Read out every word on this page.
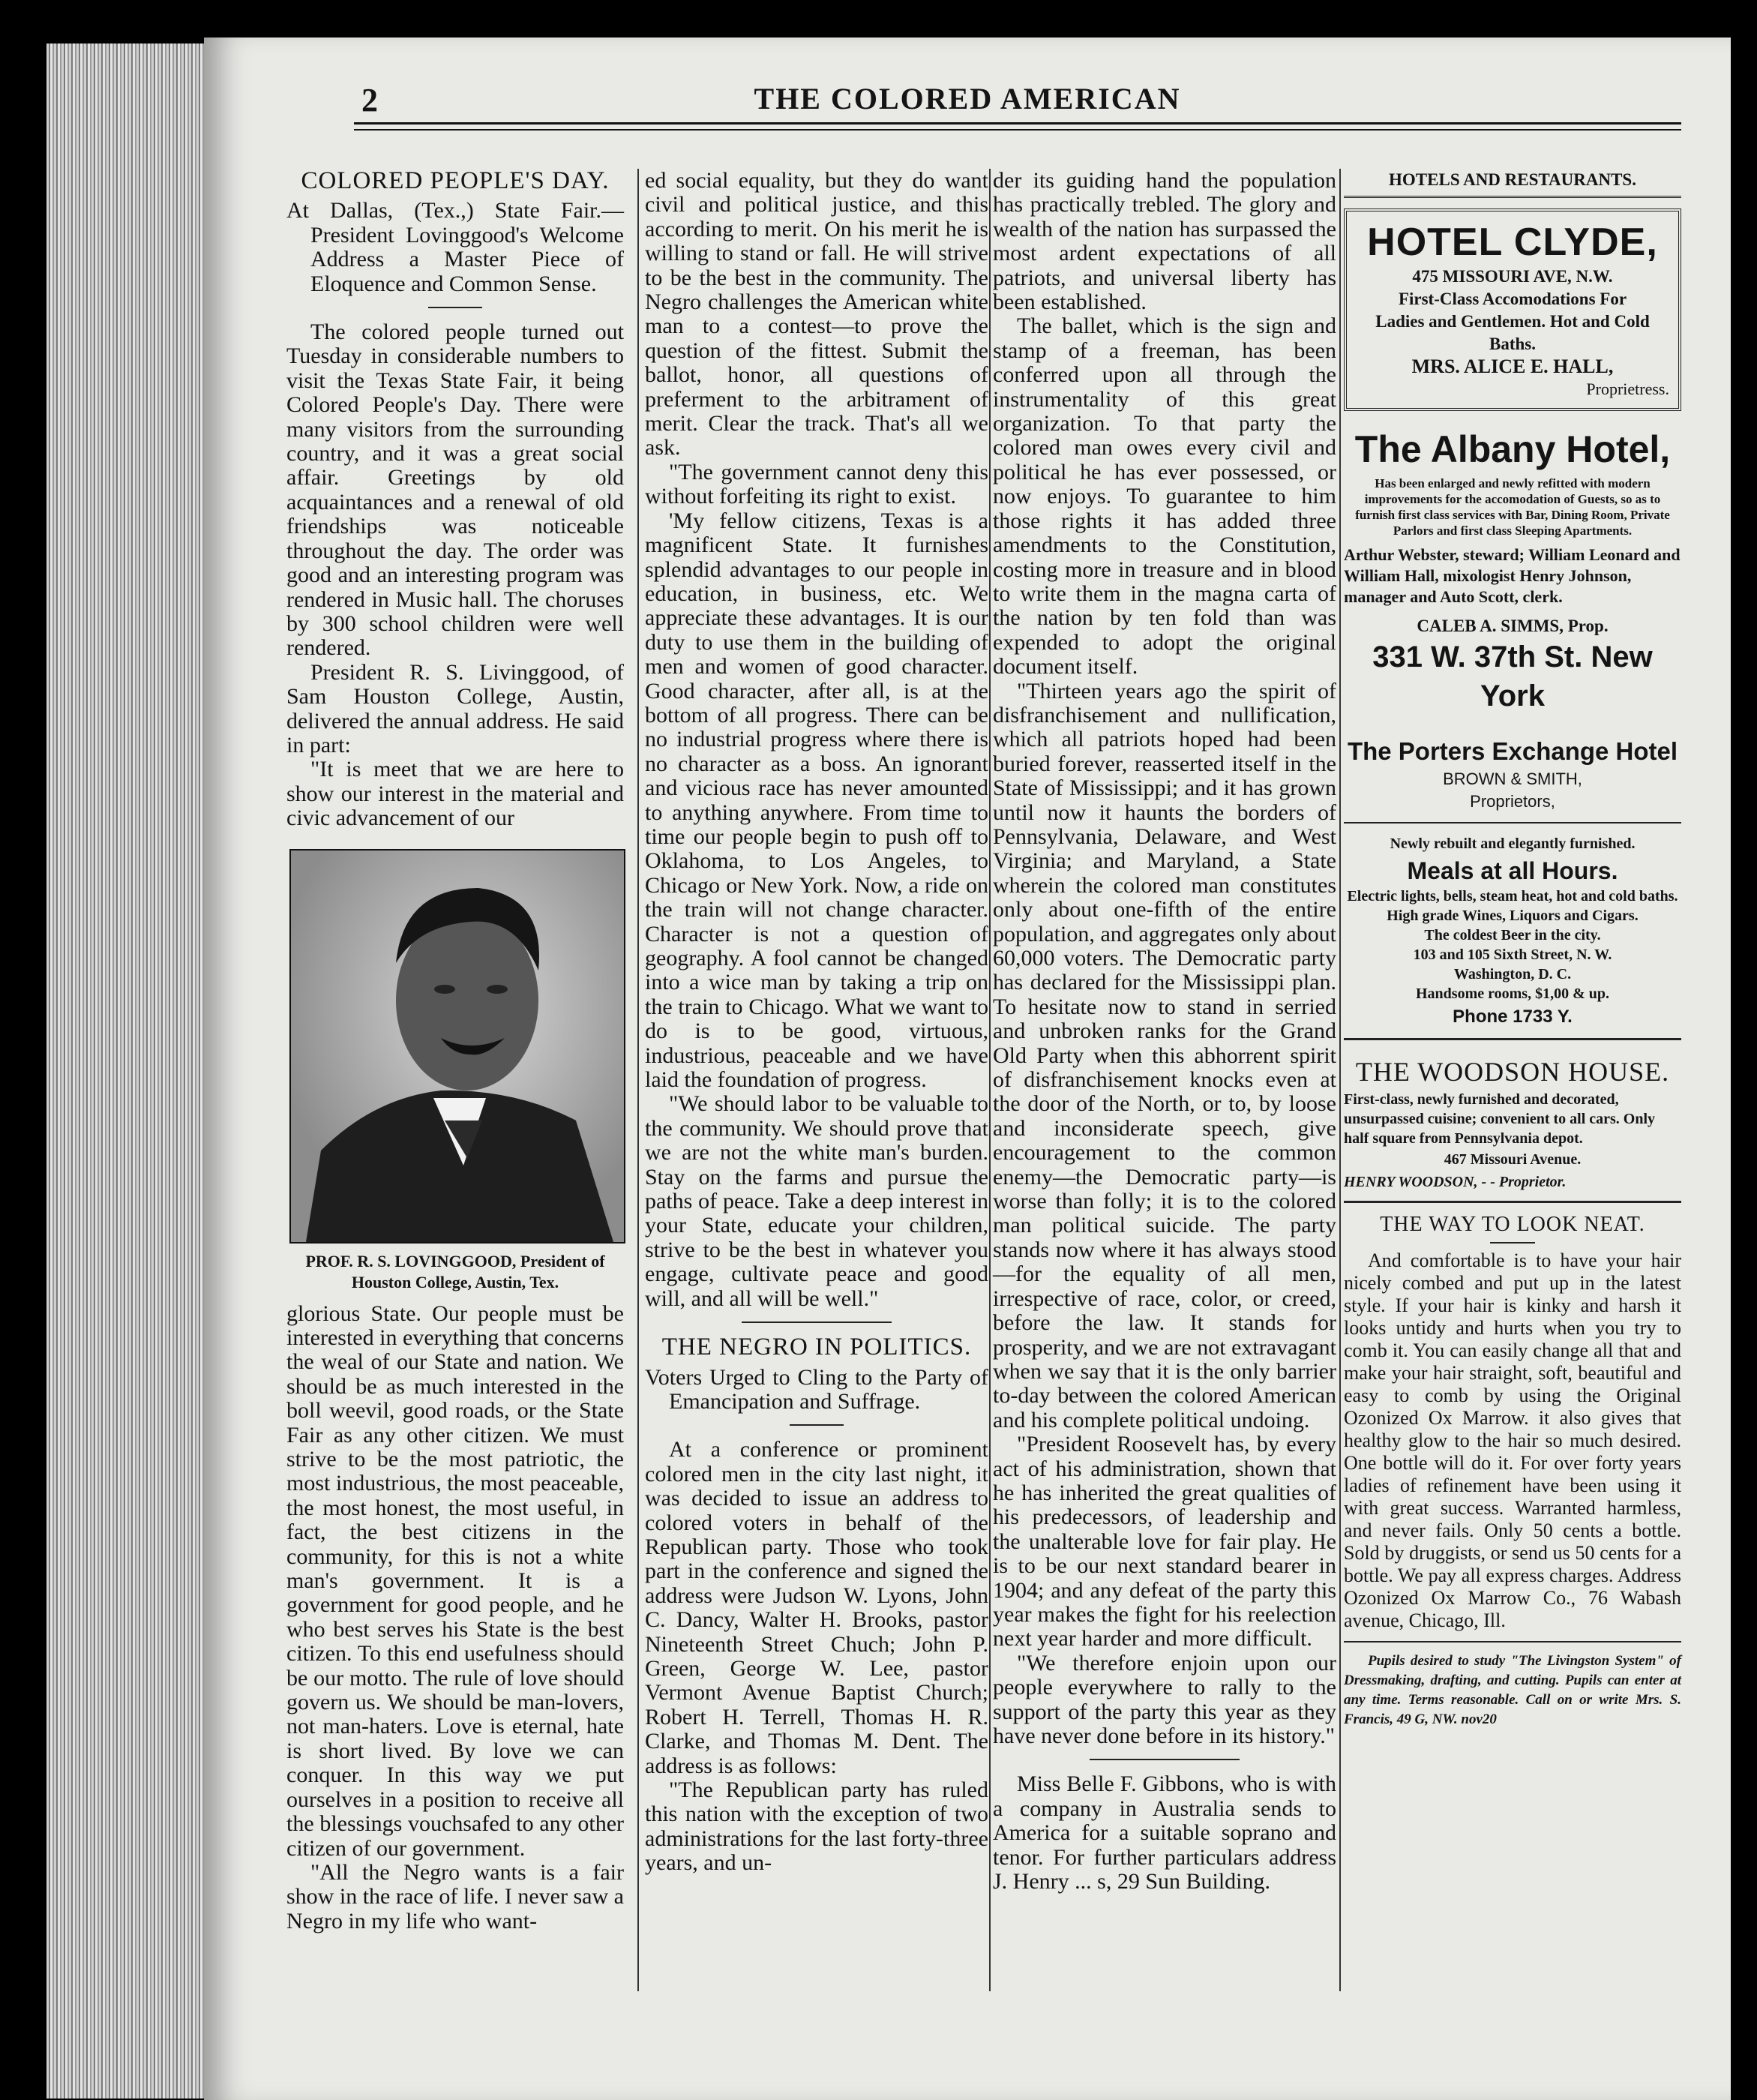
2	THE COLORED AMERICAN
COLORED PEOPLE'S DAY.
At Dallas, (Tex.,) State Fair.—President Lovinggood's Welcome Address a Master Piece of Eloquence and Common Sense.

The colored people turned out Tuesday in considerable numbers to visit the Texas State Fair, it being Colored People's Day. There were many visitors from the surrounding country, and it was a great social affair. Greetings by old acquaintances and a renewal of old friendships was noticeable throughout the day. The order was good and an interesting program was rendered in Music hall. The choruses by 300 school children were well rendered.

President R. S. Livinggood, of Sam Houston College, Austin, delivered the annual address. He said in part:

"It is meet that we are here to show our interest in the material and civic advancement of our

PROF. R. S. LOVINGGOOD, President of Houston College, Austin, Tex.

glorious State. Our people must be interested in everything that concerns the weal of our State and nation. We should be as much interested in the boll weevil, good roads, or the State Fair as any other citizen. We must strive to be the most patriotic, the most industrious, the most peaceable, the most honest, the most useful, in fact, the best citizens in the community, for this is not a white man's government. It is a government for good people, and he who best serves his State is the best citizen. To this end usefulness should be our motto. The rule of love should govern us. We should be man-lovers, not man-haters. Love is eternal, hate is short lived. By love we can conquer. In this way we put ourselves in a position to receive all the blessings vouchsafed to any other citizen of our government.

"All the Negro wants is a fair show in the race of life. I never saw a Negro in my life who want-

ed social equality, but they do want civil and political justice, and this according to merit. On his merit he is willing to stand or fall. He will strive to be the best in the community. The Negro challenges the American white man to a contest—to prove the question of the fittest. Submit the ballot, honor, all questions of preferment to the arbitrament of merit. Clear the track. That's all we ask.

"The government cannot deny this without forfeiting its right to exist.

'My fellow citizens, Texas is a magnificent State. It furnishes splendid advantages to our people in education, in business, etc. We appreciate these advantages. It is our duty to use them in the building of men and women of good character. Good character, after all, is at the bottom of all progress. There can be no industrial progress where there is no character as a boss. An ignorant and vicious race has never amounted to anything anywhere. From time to time our people begin to push off to Oklahoma, to Los Angeles, to Chicago or New York. Now, a ride on the train will not change character. Character is not a question of geography. A fool cannot be changed into a wice man by taking a trip on the train to Chicago. What we want to do is to be good, virtuous, industrious, peaceable and we have laid the foundation of progress.

"We should labor to be valuable to the community. We should prove that we are not the white man's burden. Stay on the farms and pursue the paths of peace. Take a deep interest in your State, educate your children, strive to be the best in whatever you engage, cultivate peace and good will, and all will be well."

THE NEGRO IN POLITICS.
Voters Urged to Cling to the Party of Emancipation and Suffrage.

At a conference or prominent colored men in the city last night, it was decided to issue an address to colored voters in behalf of the Republican party. Those who took part in the conference and signed the address were Judson W. Lyons, John C. Dancy, Walter H. Brooks, pastor Nineteenth Street Chuch; John P. Green, George W. Lee, pastor Vermont Avenue Baptist Church; Robert H. Terrell, Thomas H. R. Clarke, and Thomas M. Dent. The address is as follows:

"The Republican party has ruled this nation with the exception of two administrations for the last forty-three years, and un-

der its guiding hand the population has practically trebled. The glory and wealth of the nation has surpassed the most ardent expectations of all patriots, and universal liberty has been established.

The ballet, which is the sign and stamp of a freeman, has been conferred upon all through the instrumentality of this great organization. To that party the colored man owes every civil and political he has ever possessed, or now enjoys. To guarantee to him those rights it has added three amendments to the Constitution, costing more in treasure and in blood to write them in the magna carta of the nation by ten fold than was expended to adopt the original document itself.

"Thirteen years ago the spirit of disfranchisement and nullification, which all patriots hoped had been buried forever, reasserted itself in the State of Mississippi; and it has grown until now it haunts the borders of Pennsylvania, Delaware, and West Virginia; and Maryland, a State wherein the colored man constitutes only about one-fifth of the entire population, and aggregates only about 60,000 voters. The Democratic party has declared for the Mississippi plan. To hesitate now to stand in serried and unbroken ranks for the Grand Old Party when this abhorrent spirit of disfranchisement knocks even at the door of the North, or to, by loose and inconsiderate speech, give encouragement to the common enemy—the Democratic party—is worse than folly; it is to the colored man political suicide. The party stands now where it has always stood—for the equality of all men, irrespective of race, color, or creed, before the law. It stands for prosperity, and we are not extravagant when we say that it is the only barrier to-day between the colored American and his complete political undoing.

"President Roosevelt has, by every act of his administration, shown that he has inherited the great qualities of his predecessors, of leadership and the unalterable love for fair play. He is to be our next standard bearer in 1904; and any defeat of the party this year makes the fight for his reelection next year harder and more difficult.

"We therefore enjoin upon our people everywhere to rally to the support of the party this year as they have never done before in its history."

Miss Belle F. Gibbons, who is with a company in Australia sends to America for a suitable soprano and tenor. For further particulars address J. Henry ... s, 29 Sun Building.

HOTELS AND RESTAURANTS.
HOTEL CLYDE,
475 MISSOURI AVE, N.W.
First-Class Accomodations For
Ladies and Gentlemen. Hot and Cold Baths.
MRS. ALICE E. HALL,
Proprietress.
The Albany Hotel,
Has been enlarged and newly refitted with modern improvements for the accomodation of Guests, so as to furnish first class services with Bar, Dining Room, Private Parlors and first class Sleeping Apartments.
Arthur Webster, steward; William Leonard and William Hall, mixologist Henry Johnson, manager and Auto Scott, clerk.
CALEB A. SIMMS, Prop.
331 W. 37th St. New York
The Porters Exchange Hotel
BROWN & SMITH,
Proprietors,
Newly rebuilt and elegantly furnished.
Meals at all Hours.
Electric lights, bells, steam heat, hot and cold baths.
High grade Wines, Liquors and Cigars.
The coldest Beer in the city.
103 and 105 Sixth Street, N. W.
Washington, D. C.
Handsome rooms, $1,00 & up.
Phone 1733 Y.
THE WOODSON HOUSE.
First-class, newly furnished and decorated, unsurpassed cuisine; convenient to all cars. Only half square from Pennsylvania depot.
467 Missouri Avenue.
HENRY WOODSON, - - Proprietor.
THE WAY TO LOOK NEAT.

And comfortable is to have your hair nicely combed and put up in the latest style. If your hair is kinky and harsh it looks untidy and hurts when you try to comb it. You can easily change all that and make your hair straight, soft, beautiful and easy to comb by using the Original Ozonized Ox Marrow. it also gives that healthy glow to the hair so much desired. One bottle will do it. For over forty years ladies of refinement have been using it with great success. Warranted harmless, and never fails. Only 50 cents a bottle. Sold by druggists, or send us 50 cents for a bottle. We pay all express charges. Address Ozonized Ox Marrow Co., 76 Wabash avenue, Chicago, Ill.

Pupils desired to study "The Livingston System" of Dressmaking, drafting, and cutting. Pupils can enter at any time. Terms reasonable. Call on or write Mrs. S. Francis, 49 G, NW. nov20
